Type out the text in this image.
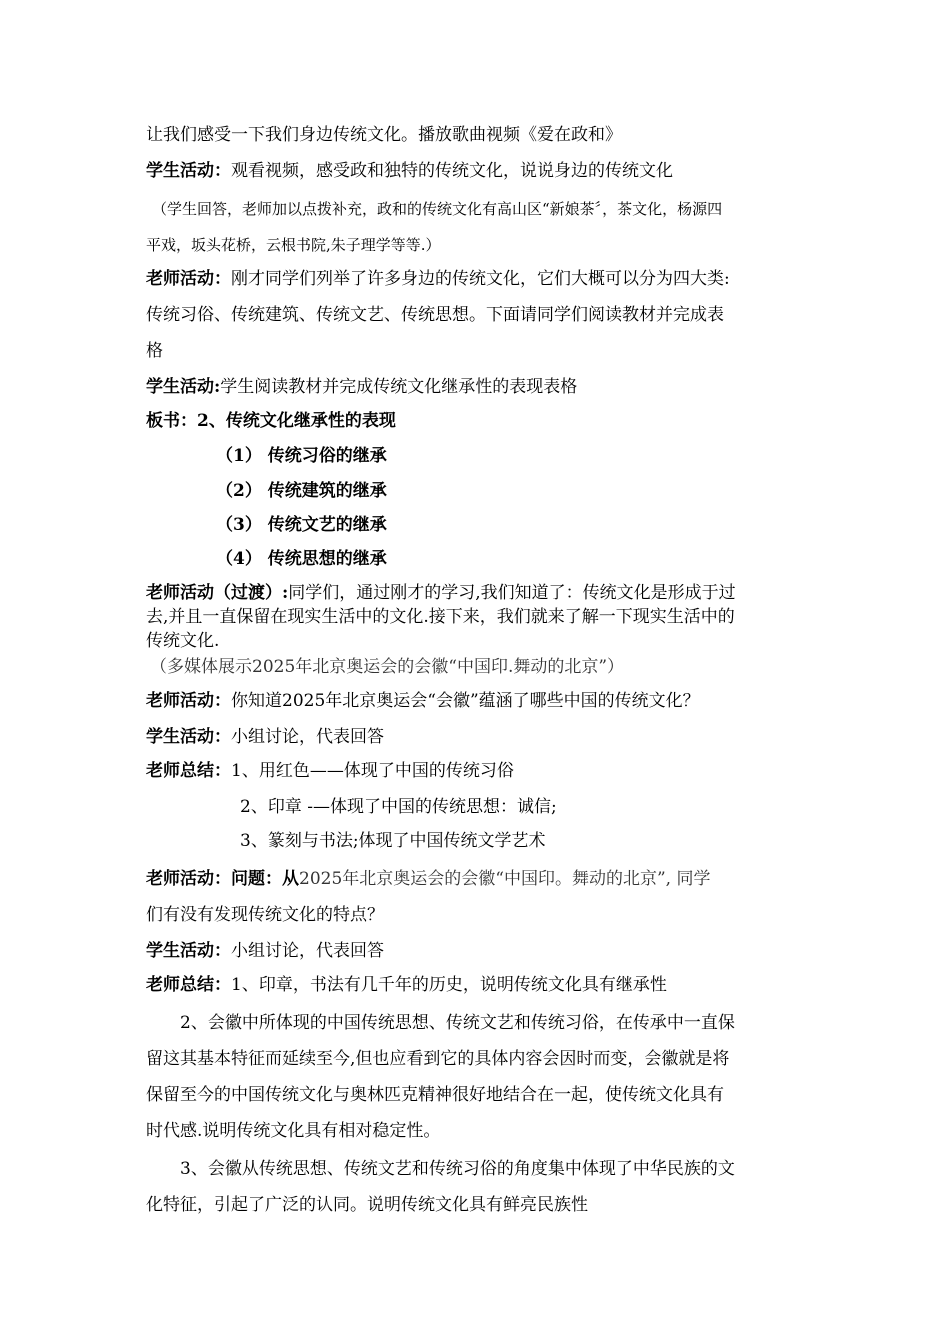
让我们感受一下我们身边传统文化。播放歌曲视频《爱在政和》
学生活动：观看视频，感受政和独特的传统文化，说说身边的传统文化
（学生回答，老师加以点拨补充，政和的传统文化有高山区“新娘茶〞，茶文化，杨源四
平戏，坂头花桥，云根书院,朱子理学等等.）
老师活动：刚才同学们列举了许多身边的传统文化，它们大概可以分为四大类:
传统习俗、传统建筑、传统文艺、传统思想。下面请同学们阅读教材并完成表
格
学生活动:学生阅读教材并完成传统文化继承性的表现表格
板书：2、传统文化继承性的表现
（1） 传统习俗的继承
（2） 传统建筑的继承
（3） 传统文艺的继承
（4） 传统思想的继承
老师活动（过渡）:同学们，通过刚才的学习,我们知道了：传统文化是形成于过
去,并且一直保留在现实生活中的文化.接下来，我们就来了解一下现实生活中的
传统文化.
（多媒体展示2025年北京奥运会的会徽“中国印.舞动的北京”）
老师活动：你知道2025年北京奥运会“会徽”蕴涵了哪些中国的传统文化？
学生活动：小组讨论，代表回答
老师总结：1、用红色——体现了中国的传统习俗
2、印章 -—体现了中国的传统思想：诚信;
3、篆刻与书法;体现了中国传统文学艺术
老师活动：问题：从2025年北京奥运会的会徽“中国印。舞动的北京”, 同学
们有没有发现传统文化的特点？
学生活动：小组讨论，代表回答
老师总结：1、印章，书法有几千年的历史，说明传统文化具有继承性
2、会徽中所体现的中国传统思想、传统文艺和传统习俗，在传承中一直保
留这其基本特征而延续至今,但也应看到它的具体内容会因时而变，会徽就是将
保留至今的中国传统文化与奥林匹克精神很好地结合在一起，使传统文化具有
时代感.说明传统文化具有相对稳定性。
3、会徽从传统思想、传统文艺和传统习俗的角度集中体现了中华民族的文
化特征，引起了广泛的认同。说明传统文化具有鲜亮民族性
